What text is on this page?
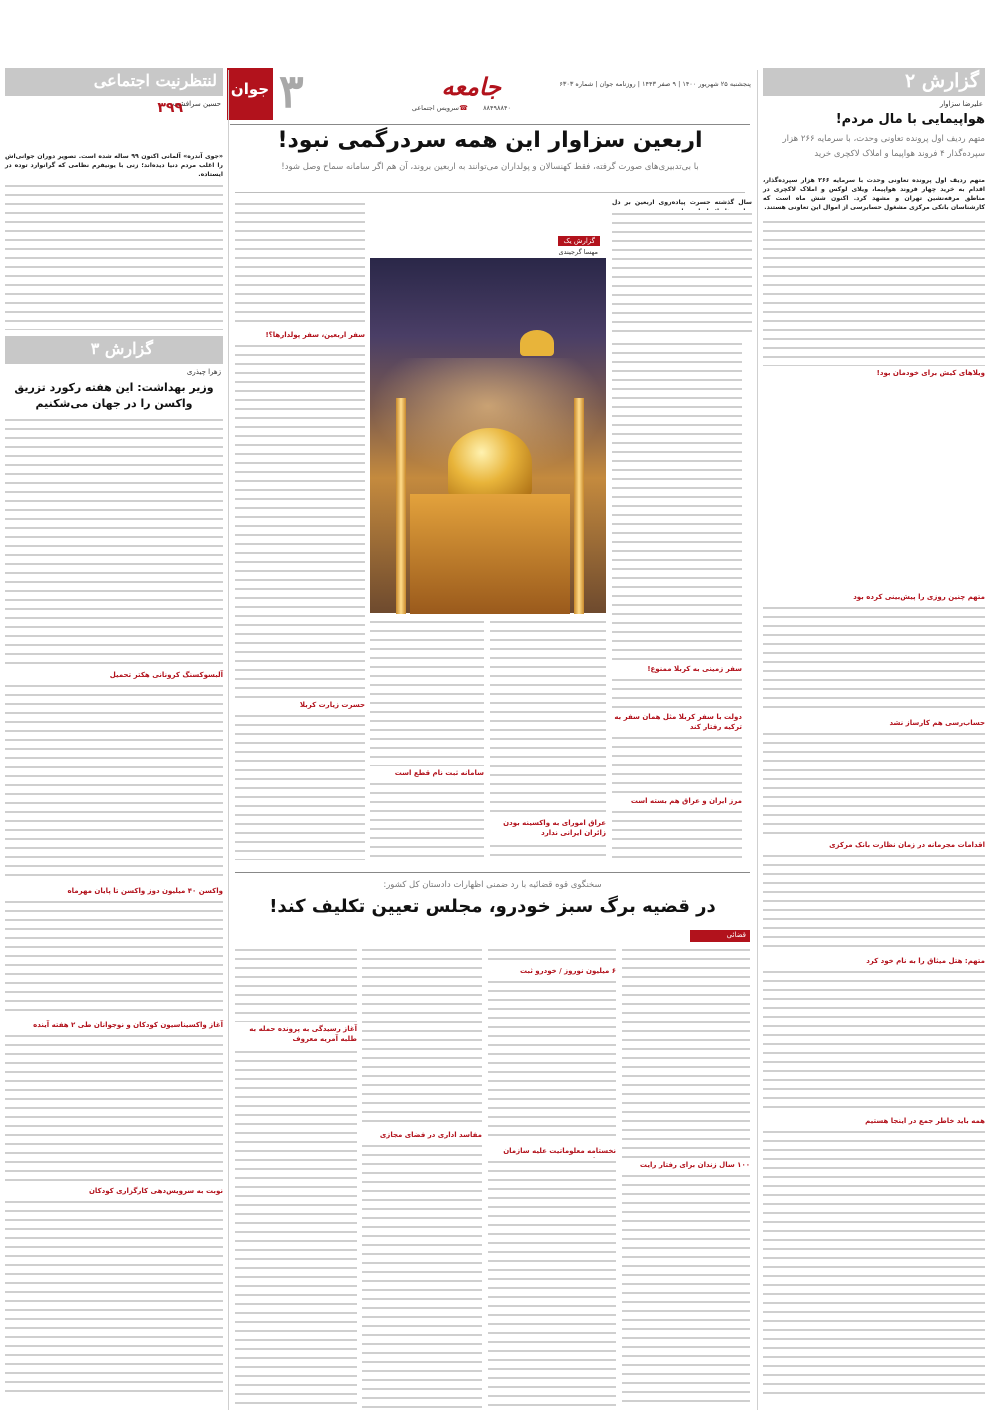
گزارش ۲
علیرضا سزاوار
هواپیمایی با مال مردم!
متهم ردیف اول پرونده تعاونی وحدت، با سرمایه ۲۶۶ هزار سپرده‌گذار ۴ فروند هواپیما و املاک لاکچری خرید
متهم ردیف اول پرونده تعاونی وحدت با سرمایه ۲۶۶ هزار سپرده‌گذار، اقدام به خرید چهار فروند هواپیما، ویلای لوکس و املاک لاکچری در مناطق مرفه‌نشین تهران و مشهد کرد. اکنون شش ماه است که کارشناسان بانکی مرکزی مشغول حسابرسی از اموال این تعاونی هستند.
ویلاهای کیش برای خودمان بود!
متهم چنین روزی را پیش‌بینی کرده بود
حساب‌رسی هم کارساز نشد
اقدامات مجرمانه در زمان نظارت بانک مرکزی
متهم: هتل میثاق را به نام خود کرد
همه باید خاطر جمع در اینجا هستیم
۳
جوان	جامعه	پنجشنبه ۲۵ شهریور ۱۴۰۰ | ۹ صفر ۱۴۴۳ | روزنامه جوان | شماره ۶۳۰۳
سرویس اجتماعی ☎ ۸۸۴۹۸۸۴۰
اربعین سزاوار این همه سردرگمی نبود!
با بی‌تدبیری‌های صورت گرفته، فقط کهنسالان و پولداران می‌توانند به اربعین بروند، آن هم اگر سامانه سماح وصل شود!
سال گذشته حسرت پیاده‌روی اربعین بر دل
سفر زمینی به کربلا ممنوع!
دولت با سفر کربلا مثل همان سفر به ترکیه رفتار کند
مرز ایران و عراق هم بسته است
گزارش یک
مهسا گرجیندی
سفر اربعین، سفر پولدارها؟!
حسرت زیارت کربلا
سامانه ثبت نام قطع است
عراق امورای به واکسینه بودن زائران ایرانی ندارد
سخنگوی قوه قضائیه با رد ضمنی اظهارات دادستان کل کشور:
در قضیه برگ سبز خودرو، مجلس تعیین تکلیف کند!
قضائی
۱۰۰ سال زندان برای رفتار رایت
۶ میلیون نوروز / خودرو ثبت
نخستامه معلوماتیت علیه سازمان
مفاسد اداری در فضای مجازی
آغاز رسیدگی به پرونده حمله به طلبه آمریه معروف
لنتظرنیت اجتماعی
حسین سرافشت
۳۹۹
«جوی آندره» آلمانی اکنون ۹۹ ساله شده است. تصویر دوران جوانی‌اش را اغلب مردم دنیا دیده‌اند؛ زنی با یونیفرم نظامی که گرانوارد توده در ایستاده.
گزارش ۳
زهرا چیذری
وزیر بهداشت: این هفته رکورد تزریق واکسن را در جهان می‌شکنیم
آلبسوکسنگ کرونانی هکتر تحمیل
واکسن ۴۰ میلیون دوز واکسن تا پایان مهرماه
آغاز واکسیناسیون کودکان و نوجوانان طی ۲ هفته آینده
نوبت به سرویس‌دهی کارگزاری کودکان
